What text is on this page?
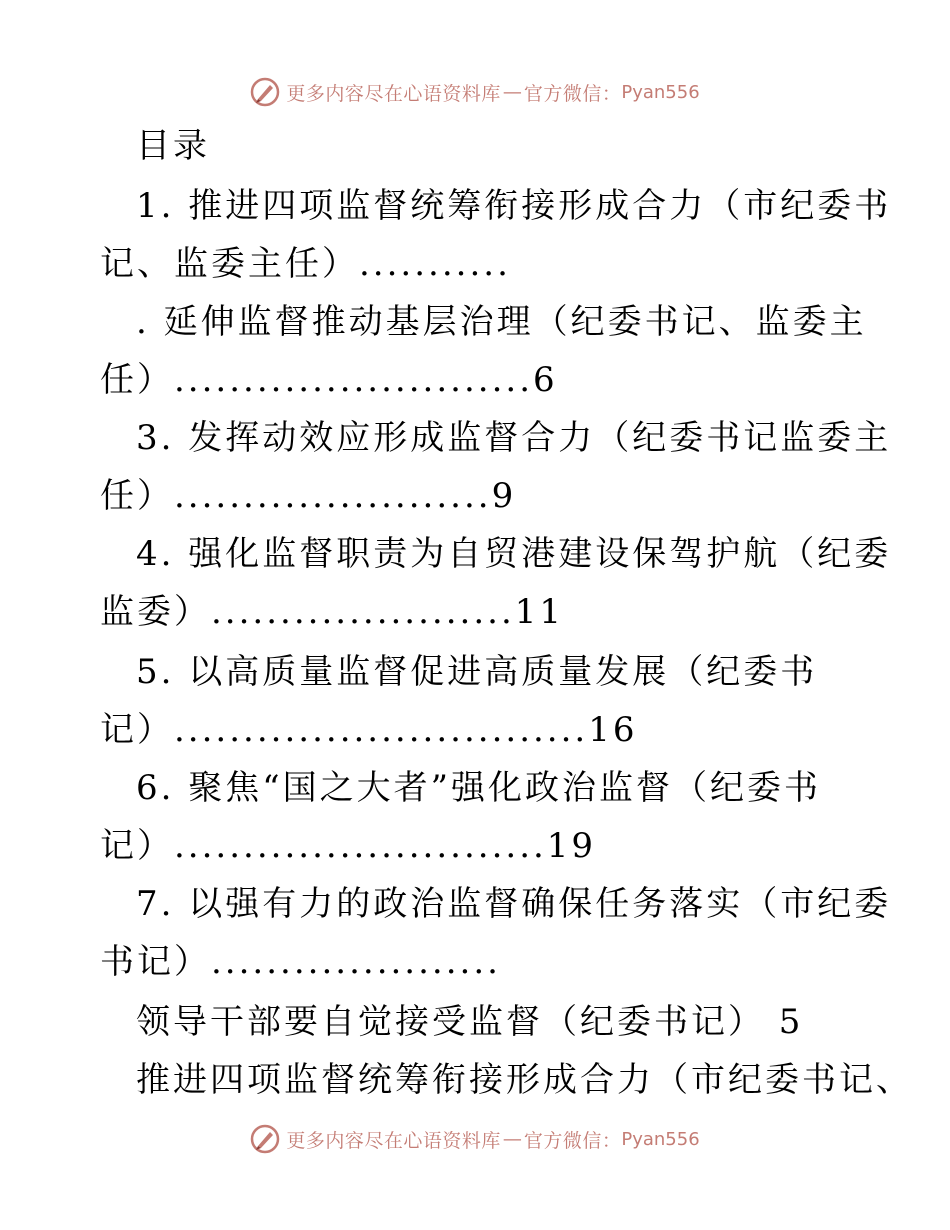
更多内容尽在心语资料库 — 官方微信： Pyan556
目录
1. 推进四项监督统筹衔接形成合力（市纪委书
记、监委主任）...........
. 延伸监督推动基层治理（纪委书记、监委主
任）..........................6
3. 发挥动效应形成监督合力（纪委书记监委主
任）.......................9
4. 强化监督职责为自贸港建设保驾护航（纪委
监委）......................11
5. 以高质量监督促进高质量发展（纪委书
记）..............................16
6. 聚焦“国之大者”强化政治监督（纪委书
记）...........................19
7. 以强有力的政治监督确保任务落实（市纪委
书记）.....................
领导干部要自觉接受监督（纪委书记） 5
推进四项监督统筹衔接形成合力（市纪委书记、
更多内容尽在心语资料库 — 官方微信： Pyan556
